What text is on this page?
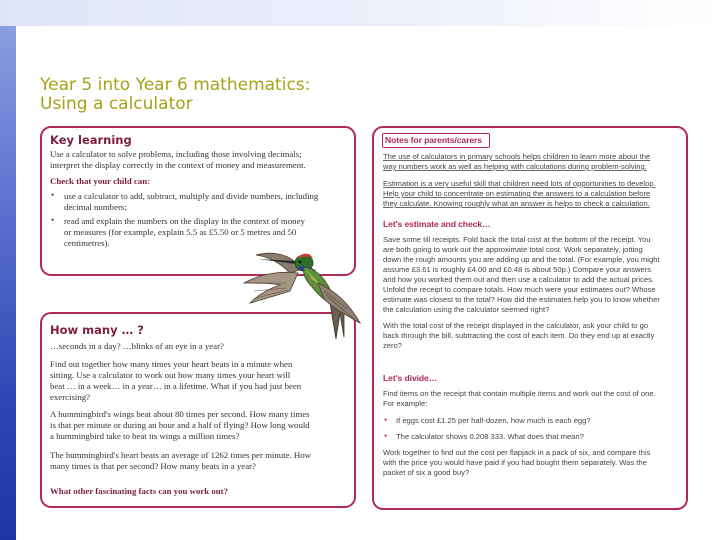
Year 5 into Year 6 mathematics:
Using a calculator
Key learning

Use a calculator to solve problems, including those involving decimals;

interpret the display correctly in the context of money and measurement.

Check that your child can:

• use a calculator to add, subtract, multiply and divide numbers, including

decimal numbers;

• read and explain the numbers on the display in the context of money

or measures (for example, explain 5.5 as £5.50 or 5 metres and 50

centimetres).

How many … ?

…seconds in a day? …blinks of an eye in a year?

Find out together how many times your heart beats in a minute when

sitting. Use a calculator to work out how many times your heart will

beat … in a week… in a year… in a lifetime. What if you had just been

exercising?

A hummingbird's wings beat about 80 times per second. How many times

is that per minute or during an hour and a half of flying? How long would

a hummingbird take to beat its wings a million times?

The hummingbird's heart beats an average of 1262 times per minute. How

many times is that per second? How many beats in a year?

What other fascinating facts can you work out?

Notes for parents/carers

The use of calculators in primary schools helps children to learn more about the

way numbers work as well as helping with calculations during problem-solving.

Estimation is a very useful skill that children need lots of opportunities to develop.

Help your child to concentrate on estimating the answers to a calculation before

they calculate. Knowing roughly what an answer is helps to check a calculation.

Let's estimate and check…

Save some till receipts. Fold back the total cost at the bottom of the receipt. You

are both going to work out the approximate total cost. Work separately, jotting

down the rough amounts you are adding up and the total. (For example, you might

assume £3.61 is roughly £4.00 and £0.48 is about 50p.) Compare your answers

and how you worked them out and then use a calculator to add the actual prices.

Unfold the receipt to compare totals. How much were your estimates out? Whose

estimate was closest to the total? How did the estimates help you to know whether

the calculation using the calculator seemed right?

With the total cost of the receipt displayed in the calculator, ask your child to go

back through the bill, subtracting the cost of each item. Do they end up at exactly

zero?

Let's divide…

Find items on the receipt that contain multiple items and work out the cost of one.

For example:

• If eggs cost £1.25 per half-dozen, how much is each egg?

• The calculator shows 0.208 333. What does that mean?

Work together to find out the cost per flapjack in a pack of six, and compare this

with the price you would have paid if you had bought them separately. Was the

packet of six a good buy?
